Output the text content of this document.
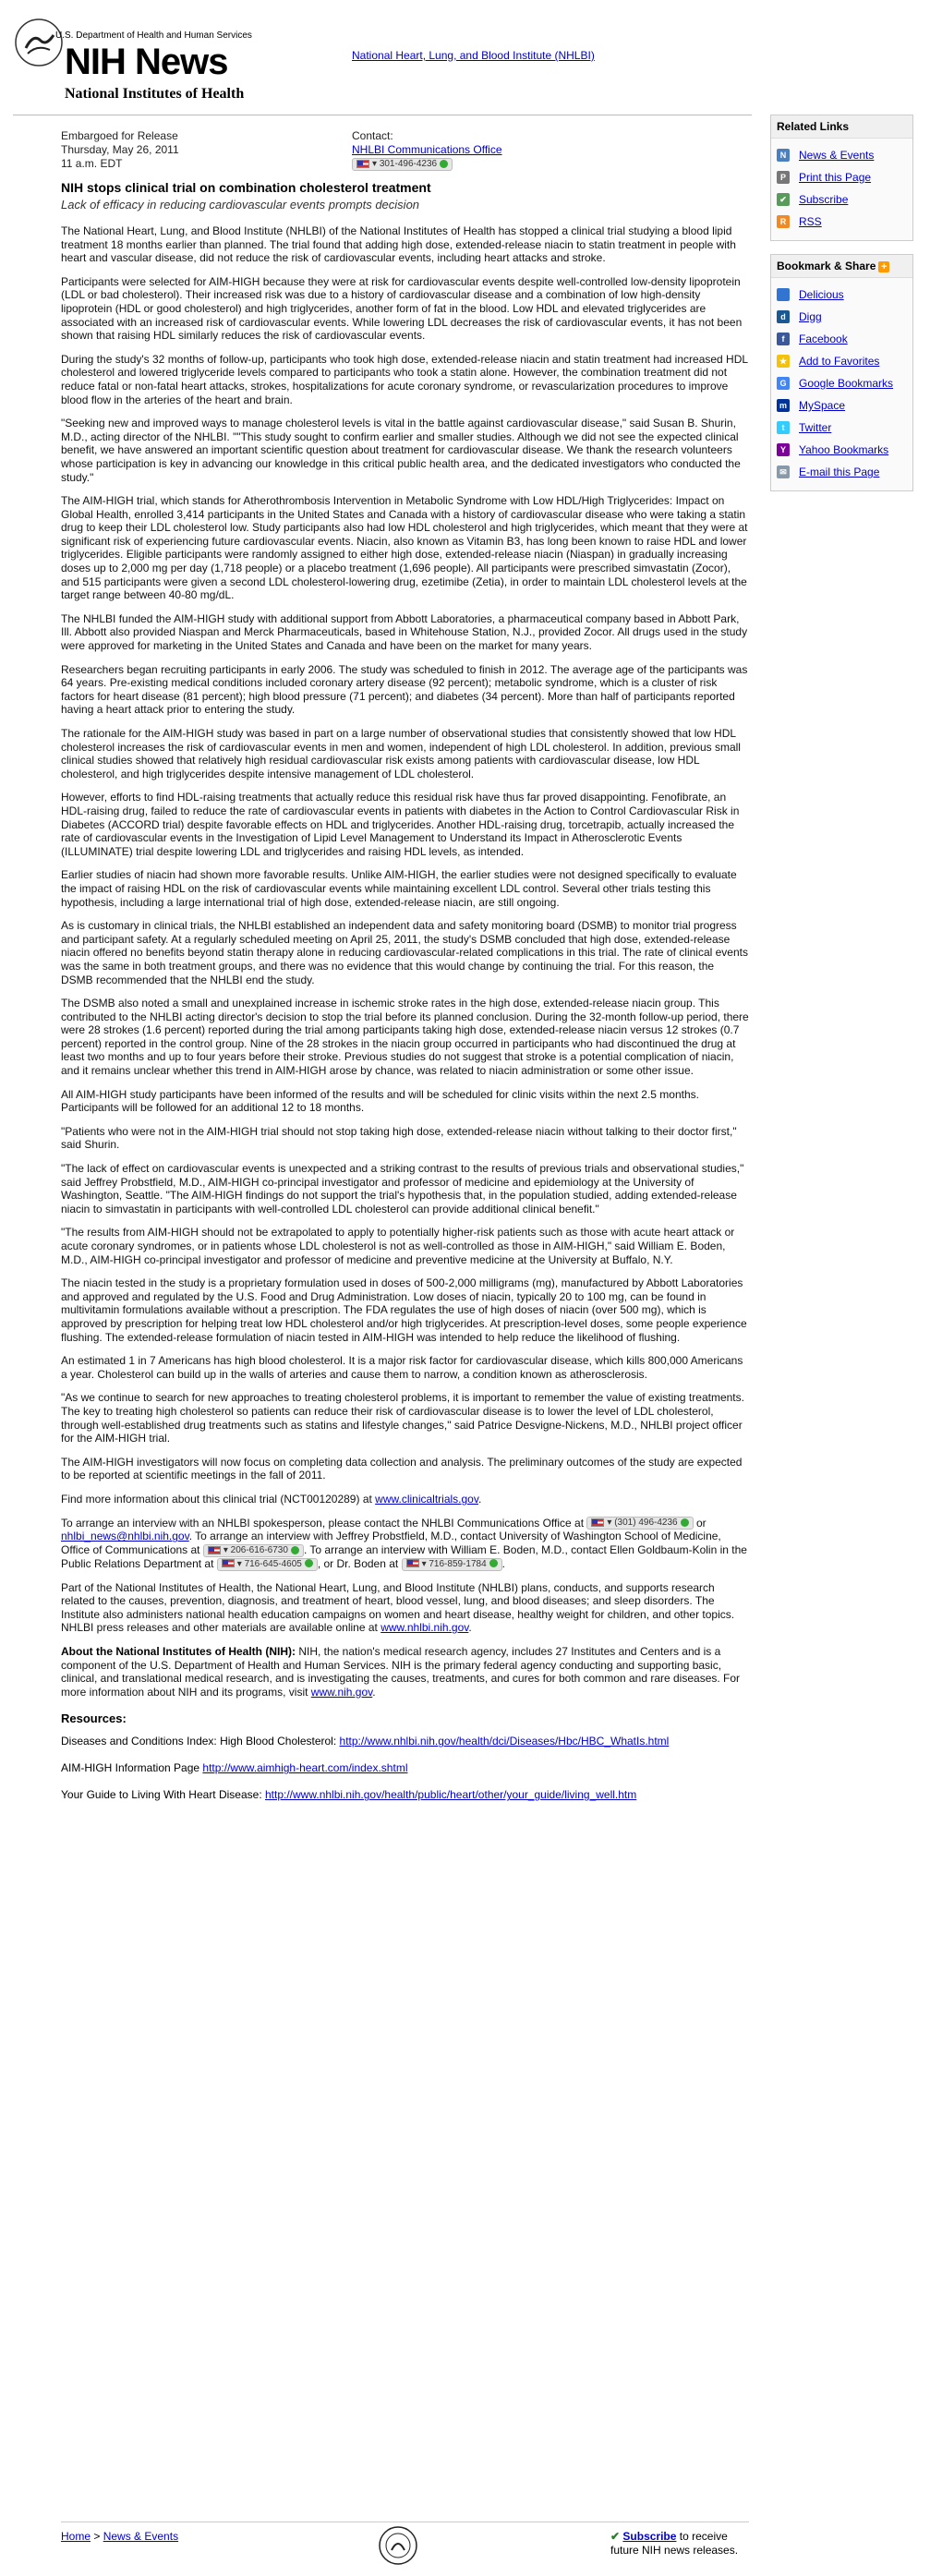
U.S. Department of Health and Human Services
NIH News
National Institutes of Health
National Heart, Lung, and Blood Institute (NHLBI)
Embargoed for Release
Thursday, May 26, 2011
11 a.m. EDT
Contact:
NHLBI Communications Office
▾ 301-496-4236
NIH stops clinical trial on combination cholesterol treatment
Lack of efficacy in reducing cardiovascular events prompts decision

The National Heart, Lung, and Blood Institute (NHLBI) of the National Institutes of Health has stopped a clinical trial studying a blood lipid treatment 18 months earlier than planned. The trial found that adding high dose, extended-release niacin to statin treatment in people with heart and vascular disease, did not reduce the risk of cardiovascular events, including heart attacks and stroke.

Participants were selected for AIM-HIGH because they were at risk for cardiovascular events despite well-controlled low-density lipoprotein (LDL or bad cholesterol). Their increased risk was due to a history of cardiovascular disease and a combination of low high-density lipoprotein (HDL or good cholesterol) and high triglycerides, another form of fat in the blood. Low HDL and elevated triglycerides are associated with an increased risk of cardiovascular events. While lowering LDL decreases the risk of cardiovascular events, it has not been shown that raising HDL similarly reduces the risk of cardiovascular events.

During the study's 32 months of follow-up, participants who took high dose, extended-release niacin and statin treatment had increased HDL cholesterol and lowered triglyceride levels compared to participants who took a statin alone. However, the combination treatment did not reduce fatal or non-fatal heart attacks, strokes, hospitalizations for acute coronary syndrome, or revascularization procedures to improve blood flow in the arteries of the heart and brain.

"Seeking new and improved ways to manage cholesterol levels is vital in the battle against cardiovascular disease," said Susan B. Shurin, M.D., acting director of the NHLBI. ""This study sought to confirm earlier and smaller studies. Although we did not see the expected clinical benefit, we have answered an important scientific question about treatment for cardiovascular disease. We thank the research volunteers whose participation is key in advancing our knowledge in this critical public health area, and the dedicated investigators who conducted the study."

The AIM-HIGH trial, which stands for Atherothrombosis Intervention in Metabolic Syndrome with Low HDL/High Triglycerides: Impact on Global Health, enrolled 3,414 participants in the United States and Canada with a history of cardiovascular disease who were taking a statin drug to keep their LDL cholesterol low. Study participants also had low HDL cholesterol and high triglycerides, which meant that they were at significant risk of experiencing future cardiovascular events. Niacin, also known as Vitamin B3, has long been known to raise HDL and lower triglycerides. Eligible participants were randomly assigned to either high dose, extended-release niacin (Niaspan) in gradually increasing doses up to 2,000 mg per day (1,718 people) or a placebo treatment (1,696 people). All participants were prescribed simvastatin (Zocor), and 515 participants were given a second LDL cholesterol-lowering drug, ezetimibe (Zetia), in order to maintain LDL cholesterol levels at the target range between 40-80 mg/dL.

The NHLBI funded the AIM-HIGH study with additional support from Abbott Laboratories, a pharmaceutical company based in Abbott Park, Ill. Abbott also provided Niaspan and Merck Pharmaceuticals, based in Whitehouse Station, N.J., provided Zocor. All drugs used in the study were approved for marketing in the United States and Canada and have been on the market for many years.

Researchers began recruiting participants in early 2006. The study was scheduled to finish in 2012. The average age of the participants was 64 years. Pre-existing medical conditions included coronary artery disease (92 percent); metabolic syndrome, which is a cluster of risk factors for heart disease (81 percent); high blood pressure (71 percent); and diabetes (34 percent). More than half of participants reported having a heart attack prior to entering the study.

The rationale for the AIM-HIGH study was based in part on a large number of observational studies that consistently showed that low HDL cholesterol increases the risk of cardiovascular events in men and women, independent of high LDL cholesterol. In addition, previous small clinical studies showed that relatively high residual cardiovascular risk exists among patients with cardiovascular disease, low HDL cholesterol, and high triglycerides despite intensive management of LDL cholesterol.

However, efforts to find HDL-raising treatments that actually reduce this residual risk have thus far proved disappointing. Fenofibrate, an HDL-raising drug, failed to reduce the rate of cardiovascular events in patients with diabetes in the Action to Control Cardiovascular Risk in Diabetes (ACCORD trial) despite favorable effects on HDL and triglycerides. Another HDL-raising drug, torcetrapib, actually increased the rate of cardiovascular events in the Investigation of Lipid Level Management to Understand its Impact in Atherosclerotic Events (ILLUMINATE) trial despite lowering LDL and triglycerides and raising HDL levels, as intended.

Earlier studies of niacin had shown more favorable results. Unlike AIM-HIGH, the earlier studies were not designed specifically to evaluate the impact of raising HDL on the risk of cardiovascular events while maintaining excellent LDL control. Several other trials testing this hypothesis, including a large international trial of high dose, extended-release niacin, are still ongoing.

As is customary in clinical trials, the NHLBI established an independent data and safety monitoring board (DSMB) to monitor trial progress and participant safety. At a regularly scheduled meeting on April 25, 2011, the study's DSMB concluded that high dose, extended-release niacin offered no benefits beyond statin therapy alone in reducing cardiovascular-related complications in this trial. The rate of clinical events was the same in both treatment groups, and there was no evidence that this would change by continuing the trial. For this reason, the DSMB recommended that the NHLBI end the study.

The DSMB also noted a small and unexplained increase in ischemic stroke rates in the high dose, extended-release niacin group. This contributed to the NHLBI acting director's decision to stop the trial before its planned conclusion. During the 32-month follow-up period, there were 28 strokes (1.6 percent) reported during the trial among participants taking high dose, extended-release niacin versus 12 strokes (0.7 percent) reported in the control group. Nine of the 28 strokes in the niacin group occurred in participants who had discontinued the drug at least two months and up to four years before their stroke. Previous studies do not suggest that stroke is a potential complication of niacin, and it remains unclear whether this trend in AIM-HIGH arose by chance, was related to niacin administration or some other issue.

All AIM-HIGH study participants have been informed of the results and will be scheduled for clinic visits within the next 2.5 months. Participants will be followed for an additional 12 to 18 months.

"Patients who were not in the AIM-HIGH trial should not stop taking high dose, extended-release niacin without talking to their doctor first," said Shurin.

"The lack of effect on cardiovascular events is unexpected and a striking contrast to the results of previous trials and observational studies," said Jeffrey Probstfield, M.D., AIM-HIGH co-principal investigator and professor of medicine and epidemiology at the University of Washington, Seattle. "The AIM-HIGH findings do not support the trial's hypothesis that, in the population studied, adding extended-release niacin to simvastatin in participants with well-controlled LDL cholesterol can provide additional clinical benefit."

"The results from AIM-HIGH should not be extrapolated to apply to potentially higher-risk patients such as those with acute heart attack or acute coronary syndromes, or in patients whose LDL cholesterol is not as well-controlled as those in AIM-HIGH," said William E. Boden, M.D., AIM-HIGH co-principal investigator and professor of medicine and preventive medicine at the University at Buffalo, N.Y.

The niacin tested in the study is a proprietary formulation used in doses of 500-2,000 milligrams (mg), manufactured by Abbott Laboratories and approved and regulated by the U.S. Food and Drug Administration. Low doses of niacin, typically 20 to 100 mg, can be found in multivitamin formulations available without a prescription. The FDA regulates the use of high doses of niacin (over 500 mg), which is approved by prescription for helping treat low HDL cholesterol and/or high triglycerides. At prescription-level doses, some people experience flushing. The extended-release formulation of niacin tested in AIM-HIGH was intended to help reduce the likelihood of flushing.

An estimated 1 in 7 Americans has high blood cholesterol. It is a major risk factor for cardiovascular disease, which kills 800,000 Americans a year. Cholesterol can build up in the walls of arteries and cause them to narrow, a condition known as atherosclerosis.

"As we continue to search for new approaches to treating cholesterol problems, it is important to remember the value of existing treatments. The key to treating high cholesterol so patients can reduce their risk of cardiovascular disease is to lower the level of LDL cholesterol, through well-established drug treatments such as statins and lifestyle changes," said Patrice Desvigne-Nickens, M.D., NHLBI project officer for the AIM-HIGH trial.

The AIM-HIGH investigators will now focus on completing data collection and analysis. The preliminary outcomes of the study are expected to be reported at scientific meetings in the fall of 2011.

Find more information about this clinical trial (NCT00120289) at www.clinicaltrials.gov.

To arrange an interview with an NHLBI spokesperson, please contact the NHLBI Communications Office at ▾ (301) 496-4236 or nhlbi_news@nhlbi.nih.gov. To arrange an interview with Jeffrey Probstfield, M.D., contact University of Washington School of Medicine, Office of Communications at ▾ 206-616-6730 . To arrange an interview with William E. Boden, M.D., contact Ellen Goldbaum-Kolin in the Public Relations Department at ▾ 716-645-4605 , or Dr. Boden at ▾ 716-859-1784 .

Part of the National Institutes of Health, the National Heart, Lung, and Blood Institute (NHLBI) plans, conducts, and supports research related to the causes, prevention, diagnosis, and treatment of heart, blood vessel, lung, and blood diseases; and sleep disorders. The Institute also administers national health education campaigns on women and heart disease, healthy weight for children, and other topics. NHLBI press releases and other materials are available online at www.nhlbi.nih.gov.

About the National Institutes of Health (NIH): NIH, the nation's medical research agency, includes 27 Institutes and Centers and is a component of the U.S. Department of Health and Human Services. NIH is the primary federal agency conducting and supporting basic, clinical, and translational medical research, and is investigating the causes, treatments, and cures for both common and rare diseases. For more information about NIH and its programs, visit www.nih.gov.

Resources:
Diseases and Conditions Index: High Blood Cholesterol: http://www.nhlbi.nih.gov/health/dci/Diseases/Hbc/HBC_WhatIs.html
AIM-HIGH Information Page http://www.aimhigh-heart.com/index.shtml
Your Guide to Living With Heart Disease: http://www.nhlbi.nih.gov/health/public/heart/other/your_guide/living_well.htm
Home > News & Events	✔ Subscribe to receive future NIH news releases.
Related Links
N	News & Events
P	Print this Page
✔ Subscribe
R	RSS
Bookmark & Share +
Delicious
d	Digg
f	Facebook
★ Add to Favorites
G Google Bookmarks
m MySpace
t	Twitter
Y	Yahoo Bookmarks
✉ E-mail this Page
